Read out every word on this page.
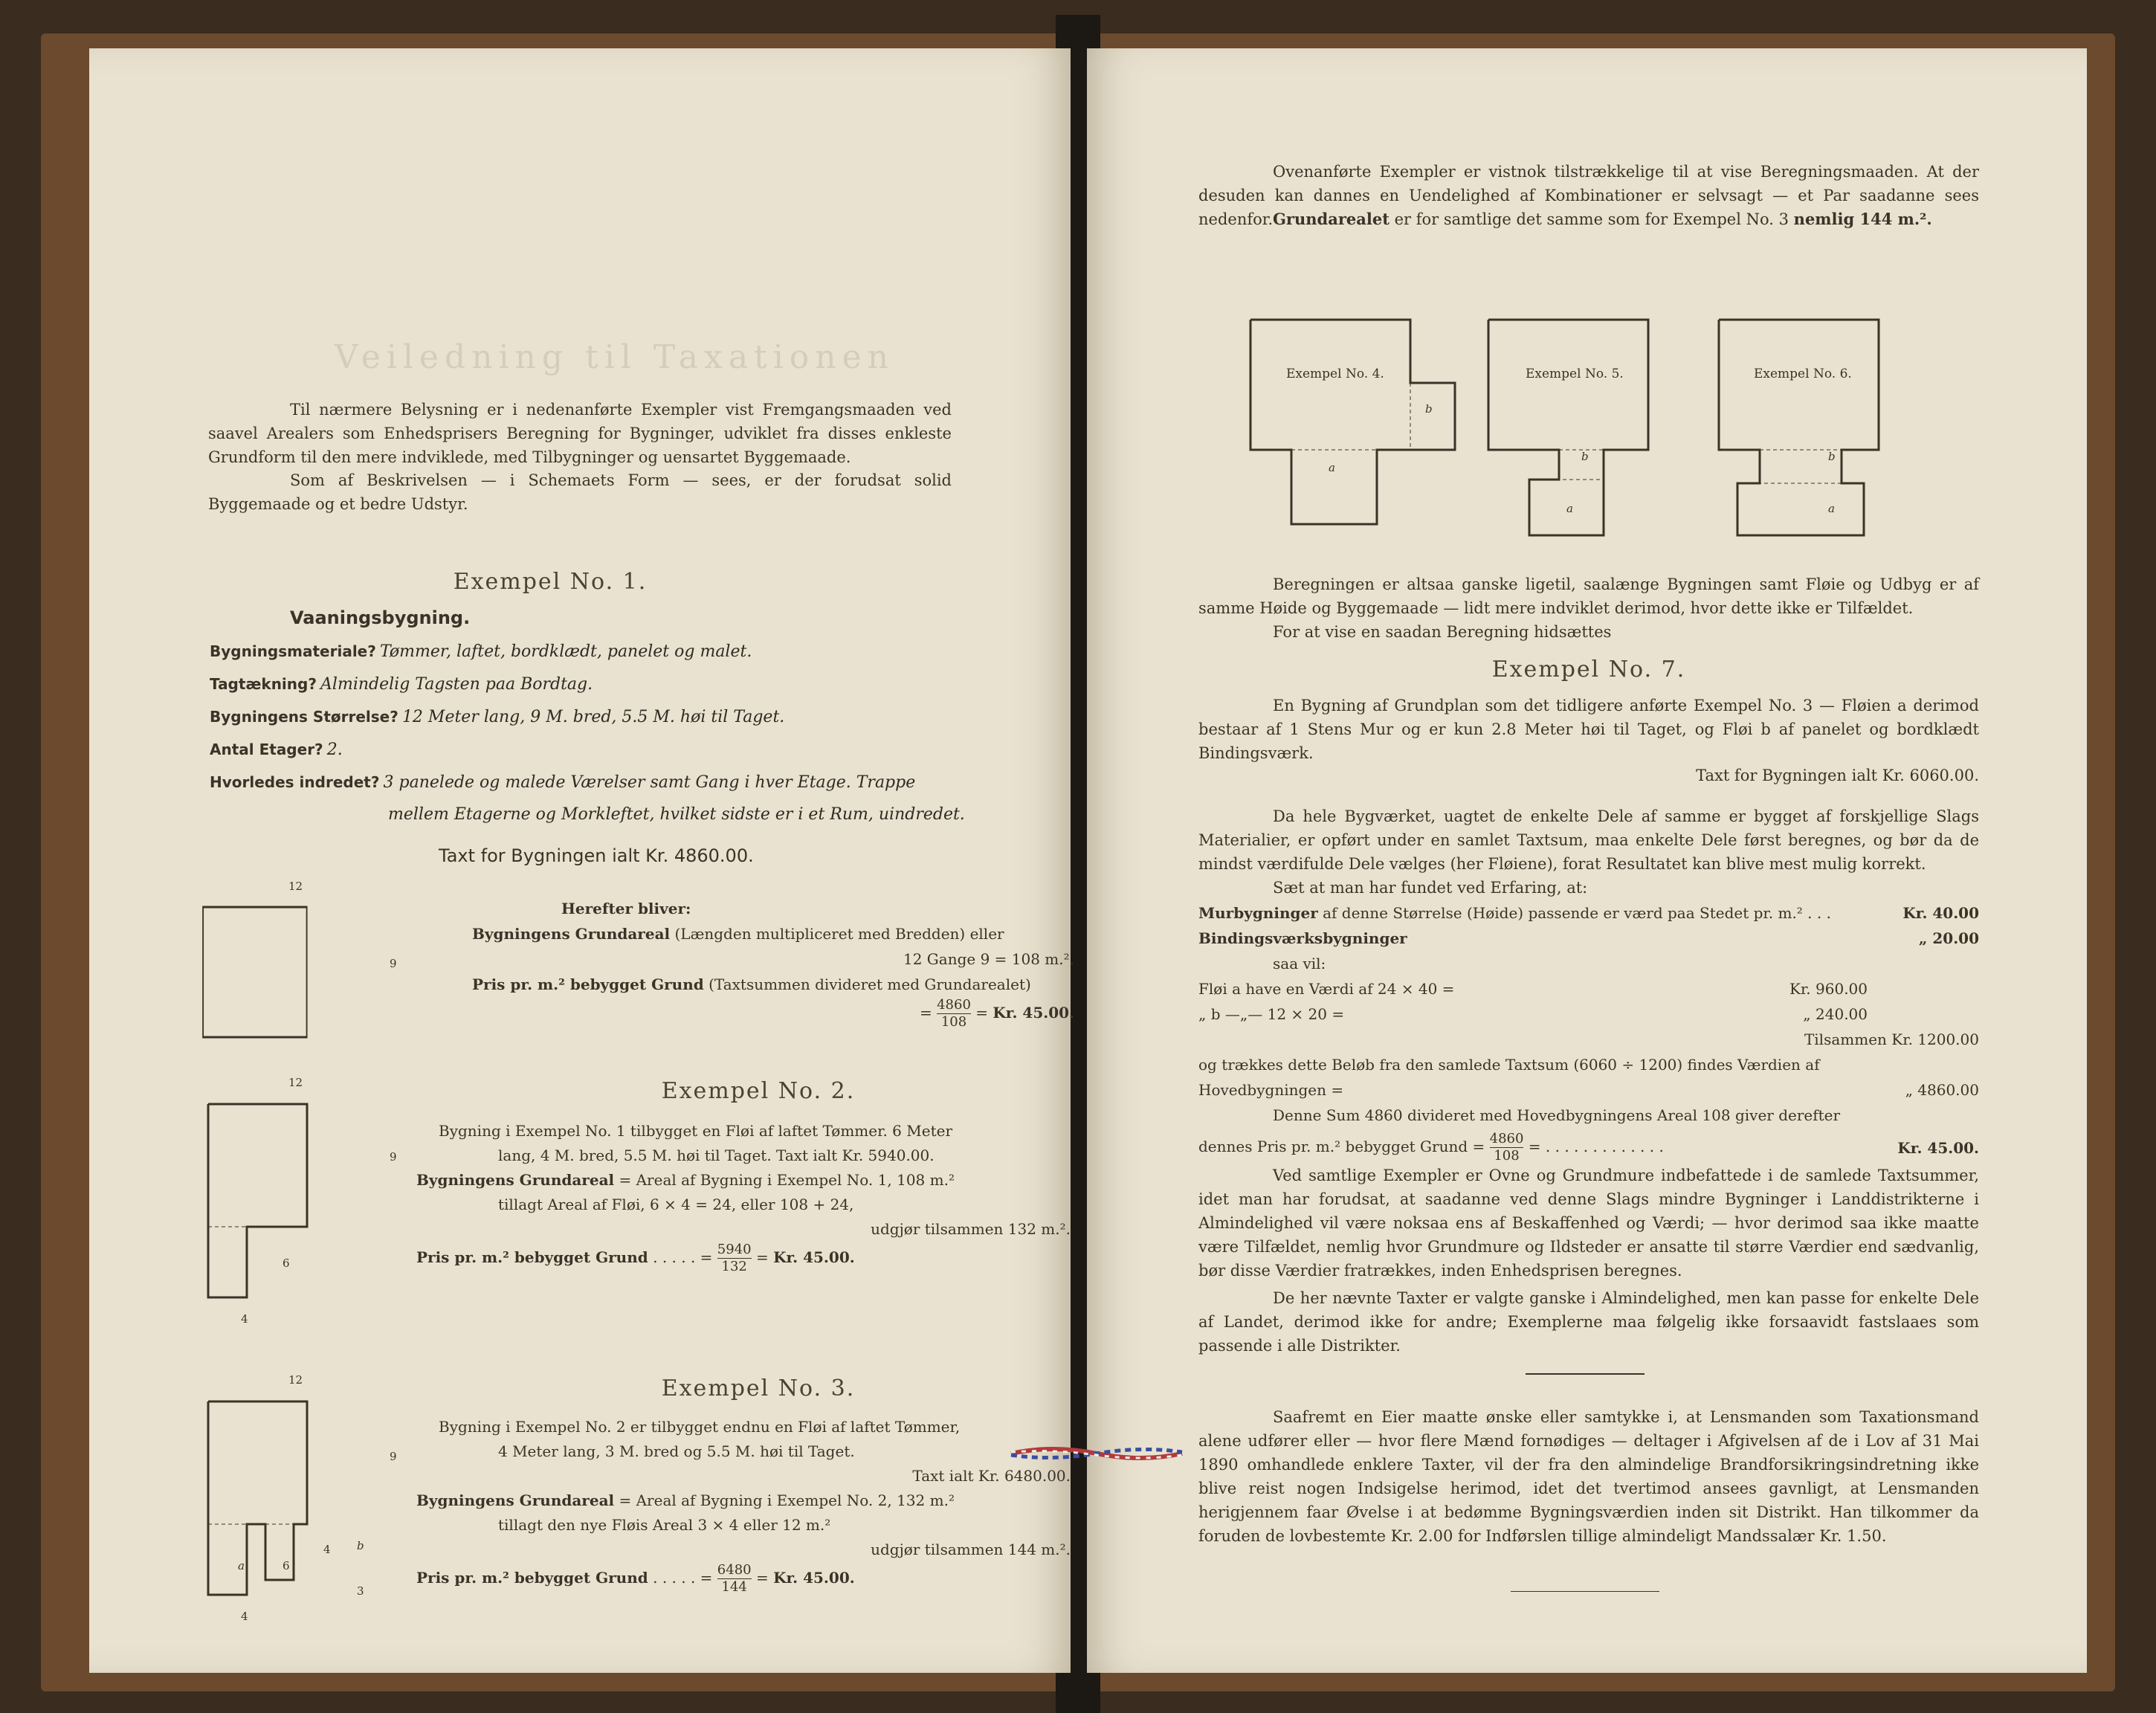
Veiledning til Taxationen
Til nærmere Belysning er i nedenanførte Exempler vist Fremgangsmaaden ved saavel Arealers som Enhedsprisers Beregning for Bygninger, udviklet fra disses enkleste Grundform til den mere indviklede, med Tilbygninger og uensartet Byggemaade.
Som af Beskrivelsen — i Schemaets Form — sees, er der forudsat solid Byggemaade og et bedre Udstyr.
Exempel No. 1.
Vaaningsbygning.
Bygningsmateriale? Tømmer, laftet, bordklædt, panelet og malet.
Tagtækning? Almindelig Tagsten paa Bordtag.
Bygningens Størrelse? 12 Meter lang, 9 M. bred, 5.5 M. høi til Taget.
Antal Etager? 2.
Hvorledes indredet? 3 panelede og malede Værelser samt Gang i hver Etage. Trappe
mellem Etagerne og Morkleftet, hvilket sidste er i et Rum, uindredet.
Taxt for Bygningen ialt Kr. 4860.00.
12
9
Herefter bliver:
Bygningens Grundareal (Længden multipliceret med Bredden) eller
12 Gange 9 = 108 m.².
Pris pr. m.² bebygget Grund (Taxtsummen divideret med Grundarealet)
= $\frac{4860}{108} = Kr$. 45.00.
Exempel No. 2.
12
9
6
4
Bygning i Exempel No. 1 tilbygget en Fløi af laftet Tømmer. 6 Meter
lang, 4 M. bred, 5.5 M. høi til Taget. Taxt ialt Kr. 5940.00.
Bygningens Grundareal = Areal af Bygning i Exempel No. 1, 108 m.²
tillagt Areal af Fløi, 6 × 4 = 24, eller 108 + 24,
udgjør tilsammen 132 m.².
Pris pr. m.² bebygget Grund . . . . . = $\frac{5940}{132} = Kr$. 45.00.
Exempel No. 3.
12
9
a	6
4 b
3
4
Bygning i Exempel No. 2 er tilbygget endnu en Fløi af laftet Tømmer,
4 Meter lang, 3 M. bred og 5.5 M. høi til Taget.
Taxt ialt Kr. 6480.00.
Bygningens Grundareal = Areal af Bygning i Exempel No. 2, 132 m.²
tillagt den nye Fløis Areal 3 × 4 eller 12 m.²
udgjør tilsammen 144 m.².
Pris pr. m.² bebygget Grund . . . . . = $\frac{6480}{144} = Kr$. 45.00.
Ovenanførte Exempler er vistnok tilstrækkelige til at vise Beregningsmaaden. At der desuden kan dannes en Uendelighed af Kombinationer er selvsagt — et Par saadanne sees nedenfor. Grundarealet er for samtlige det samme som for Exempel No. 3 nemlig 144 m.².
Exempel No. 4.
b
a
Exempel No. 5.
b
a
Exempel No. 6.
b
a
Beregningen er altsaa ganske ligetil, saalænge Bygningen samt Fløie og Udbyg er af samme Høide og Byggemaade — lidt mere indviklet derimod, hvor dette ikke er Tilfældet.
For at vise en saadan Beregning hidsættes
Exempel No. 7.
En Bygning af Grundplan som det tidligere anførte Exempel No. 3 — Fløien a derimod bestaar af 1 Stens Mur og er kun 2.8 Meter høi til Taget, og Fløi b af panelet og bordklædt Bindingsværk.
Taxt for Bygningen ialt Kr. 6060.00.
Da hele Bygværket, uagtet de enkelte Dele af samme er bygget af forskjellige Slags Materialier, er opført under en samlet Taxtsum, maa enkelte Dele først beregnes, og bør da de mindst værdifulde Dele vælges (her Fløiene), forat Resultatet kan blive mest mulig korrekt.
Sæt at man har fundet ved Erfaring, at:
Murbygninger af denne Størrelse (Høide) passende er værd paa Stedet pr. m.² . . .	Kr. 40.00
Bindingsværksbygninger	„ 20.00
saa vil:
Fløi a have en Værdi af 24 × 40 =	Kr. 960.00
„ b —„— 12 × 20 =	„ 240.00
Tilsammen Kr. 1200.00
og trækkes dette Beløb fra den samlede Taxtsum (6060 ÷ 1200) findes Værdien af
Hovedbygningen =	„ 4860.00
Denne Sum 4860 divideret med Hovedbygningens Areal 108 giver derefter
dennes Pris pr. m.² bebygget Grund = $\frac{4860}{108}$ = . . . . . . . . . . . . .	Kr. 45.00.
Ved samtlige Exempler er Ovne og Grundmure indbefattede i de samlede Taxtsummer, idet man har forudsat, at saadanne ved denne Slags mindre Bygninger i Landdistrikterne i Almindelighed vil være noksaa ens af Beskaffenhed og Værdi; — hvor derimod saa ikke maatte være Tilfældet, nemlig hvor Grundmure og Ildsteder er ansatte til større Værdier end sædvanlig, bør disse Værdier fratrækkes, inden Enhedsprisen beregnes.
De her nævnte Taxter er valgte ganske i Almindelighed, men kan passe for enkelte Dele af Landet, derimod ikke for andre; Exemplerne maa følgelig ikke forsaavidt fastslaaes som passende i alle Distrikter.
Saafremt en Eier maatte ønske eller samtykke i, at Lensmanden som Taxationsmand alene udfører eller — hvor flere Mænd fornødiges — deltager i Afgivelsen af de i Lov af 31 Mai 1890 omhandlede enklere Taxter, vil der fra den almindelige Brandforsikringsindretning ikke blive reist nogen Indsigelse herimod, idet det tvertimod ansees gavnligt, at Lensmanden herigjennem faar Øvelse i at bedømme Bygningsværdien inden sit Distrikt. Han tilkommer da foruden de lovbestemte Kr. 2.00 for Indførslen tillige almindeligt Mandssalær Kr. 1.50.
